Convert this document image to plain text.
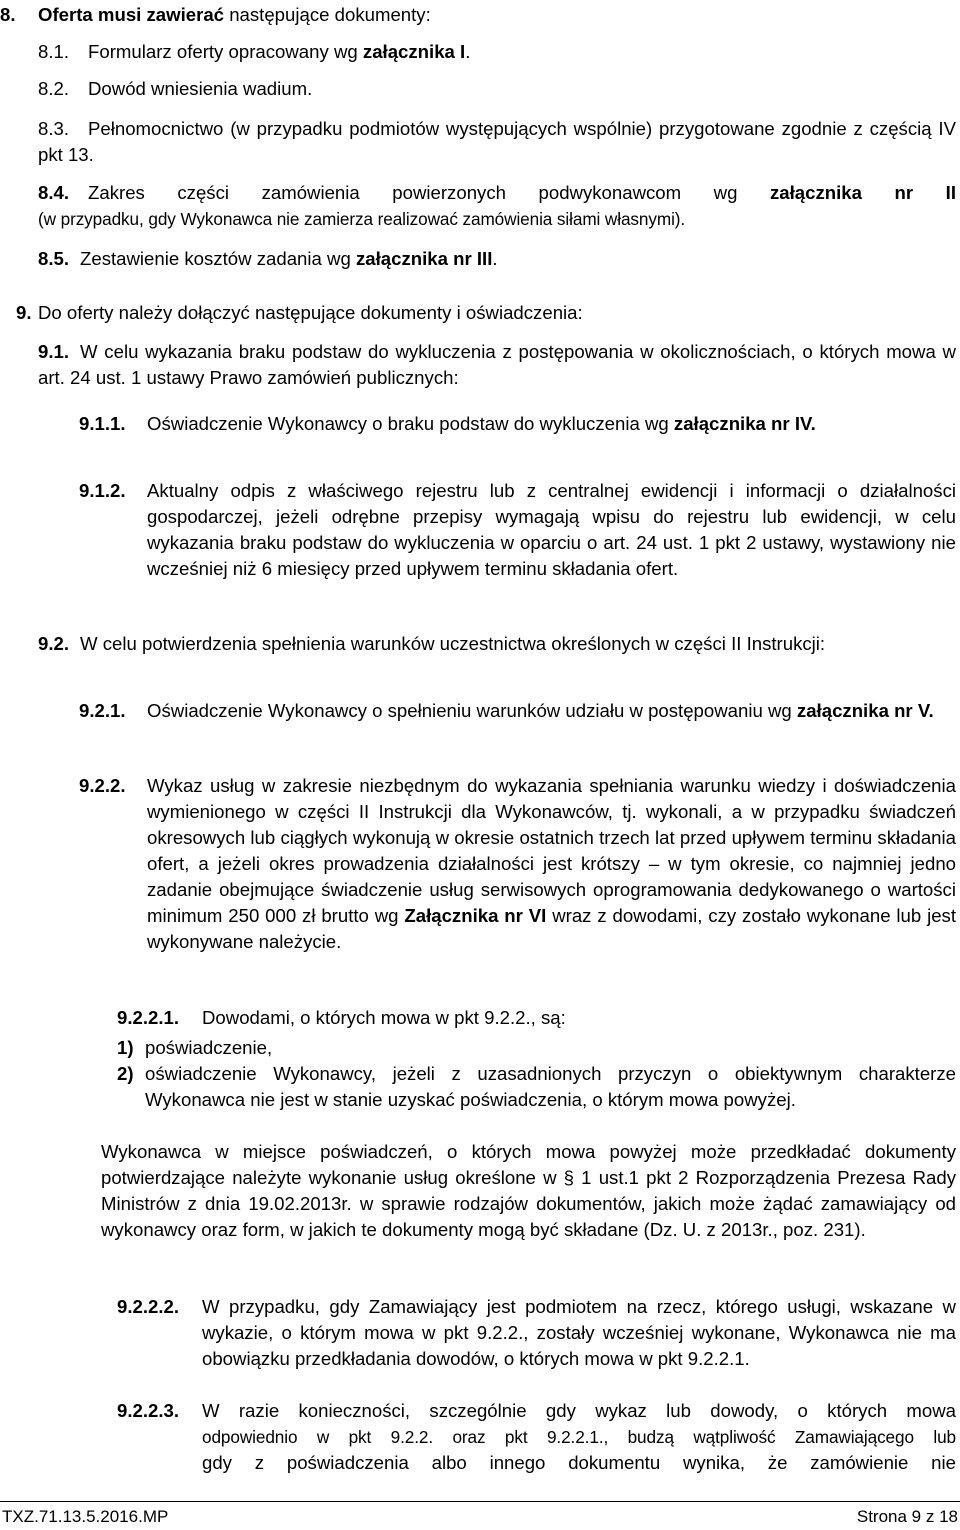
8. Oferta musi zawierać następujące dokumenty:
8.1. Formularz oferty opracowany wg załącznika I.
8.2. Dowód wniesienia wadium.
8.3.	Pełnomocnictwo (w przypadku podmiotów występujących wspólnie) przygotowane zgodnie z częścią IV pkt 13.
8.4.	Zakres części zamówienia powierzonych podwykonawcom wg załącznika nr II
(w przypadku, gdy Wykonawca nie zamierza realizować zamówienia siłami własnymi).
8.5. Zestawienie kosztów zadania wg załącznika nr III.
9. Do oferty należy dołączyć następujące dokumenty i oświadczenia:
9.1. W celu wykazania braku podstaw do wykluczenia z postępowania w okolicznościach, o których mowa w art. 24 ust. 1 ustawy Prawo zamówień publicznych:
9.1.1.	Oświadczenie Wykonawcy o braku podstaw do wykluczenia wg załącznika nr IV.
9.1.2.	Aktualny odpis z właściwego rejestru lub z centralnej ewidencji i informacji o działalności gospodarczej, jeżeli odrębne przepisy wymagają wpisu do rejestru lub ewidencji, w celu wykazania braku podstaw do wykluczenia w oparciu o art. 24 ust. 1 pkt 2 ustawy, wystawiony nie wcześniej niż 6 miesięcy przed upływem terminu składania ofert.
9.2. W celu potwierdzenia spełnienia warunków uczestnictwa określonych w części II Instrukcji:
9.2.1.	Oświadczenie Wykonawcy o spełnieniu warunków udziału w postępowaniu wg załącznika nr V.
9.2.2.	Wykaz usług w zakresie niezbędnym do wykazania spełniania warunku wiedzy i doświadczenia wymienionego w części II Instrukcji dla Wykonawców, tj. wykonali, a w przypadku świadczeń okresowych lub ciągłych wykonują w okresie ostatnich trzech lat przed upływem terminu składania ofert, a jeżeli okres prowadzenia działalności jest krótszy – w tym okresie, co najmniej jedno zadanie obejmujące świadczenie usług serwisowych oprogramowania dedykowanego o wartości minimum 250 000 zł brutto wg Załącznika nr VI wraz z dowodami, czy zostało wykonane lub jest wykonywane należycie.
9.2.2.1. Dowodami, o których mowa w pkt 9.2.2., są:
1) poświadczenie,
2) oświadczenie Wykonawcy, jeżeli z uzasadnionych przyczyn o obiektywnym charakterze Wykonawca nie jest w stanie uzyskać poświadczenia, o którym mowa powyżej.
Wykonawca w miejsce poświadczeń, o których mowa powyżej może przedkładać dokumenty potwierdzające należyte wykonanie usług określone w § 1 ust.1 pkt 2 Rozporządzenia Prezesa Rady Ministrów z dnia 19.02.2013r. w sprawie rodzajów dokumentów, jakich może żądać zamawiający od wykonawcy oraz form, w jakich te dokumenty mogą być składane (Dz. U. z 2013r., poz. 231).
9.2.2.2.	W przypadku, gdy Zamawiający jest podmiotem na rzecz, którego usługi, wskazane w wykazie, o którym mowa w pkt 9.2.2., zostały wcześniej wykonane, Wykonawca nie ma obowiązku przedkładania dowodów, o których mowa w pkt 9.2.2.1.
9.2.2.3.	W razie konieczności, szczególnie gdy wykaz lub dowody, o których mowa
odpowiednio w pkt 9.2.2. oraz pkt 9.2.2.1., budzą wątpliwość Zamawiającego lub
gdy z poświadczenia albo innego dokumentu wynika, że zamówienie nie
TXZ.71.13.5.2016.MP	Strona 9 z 18
